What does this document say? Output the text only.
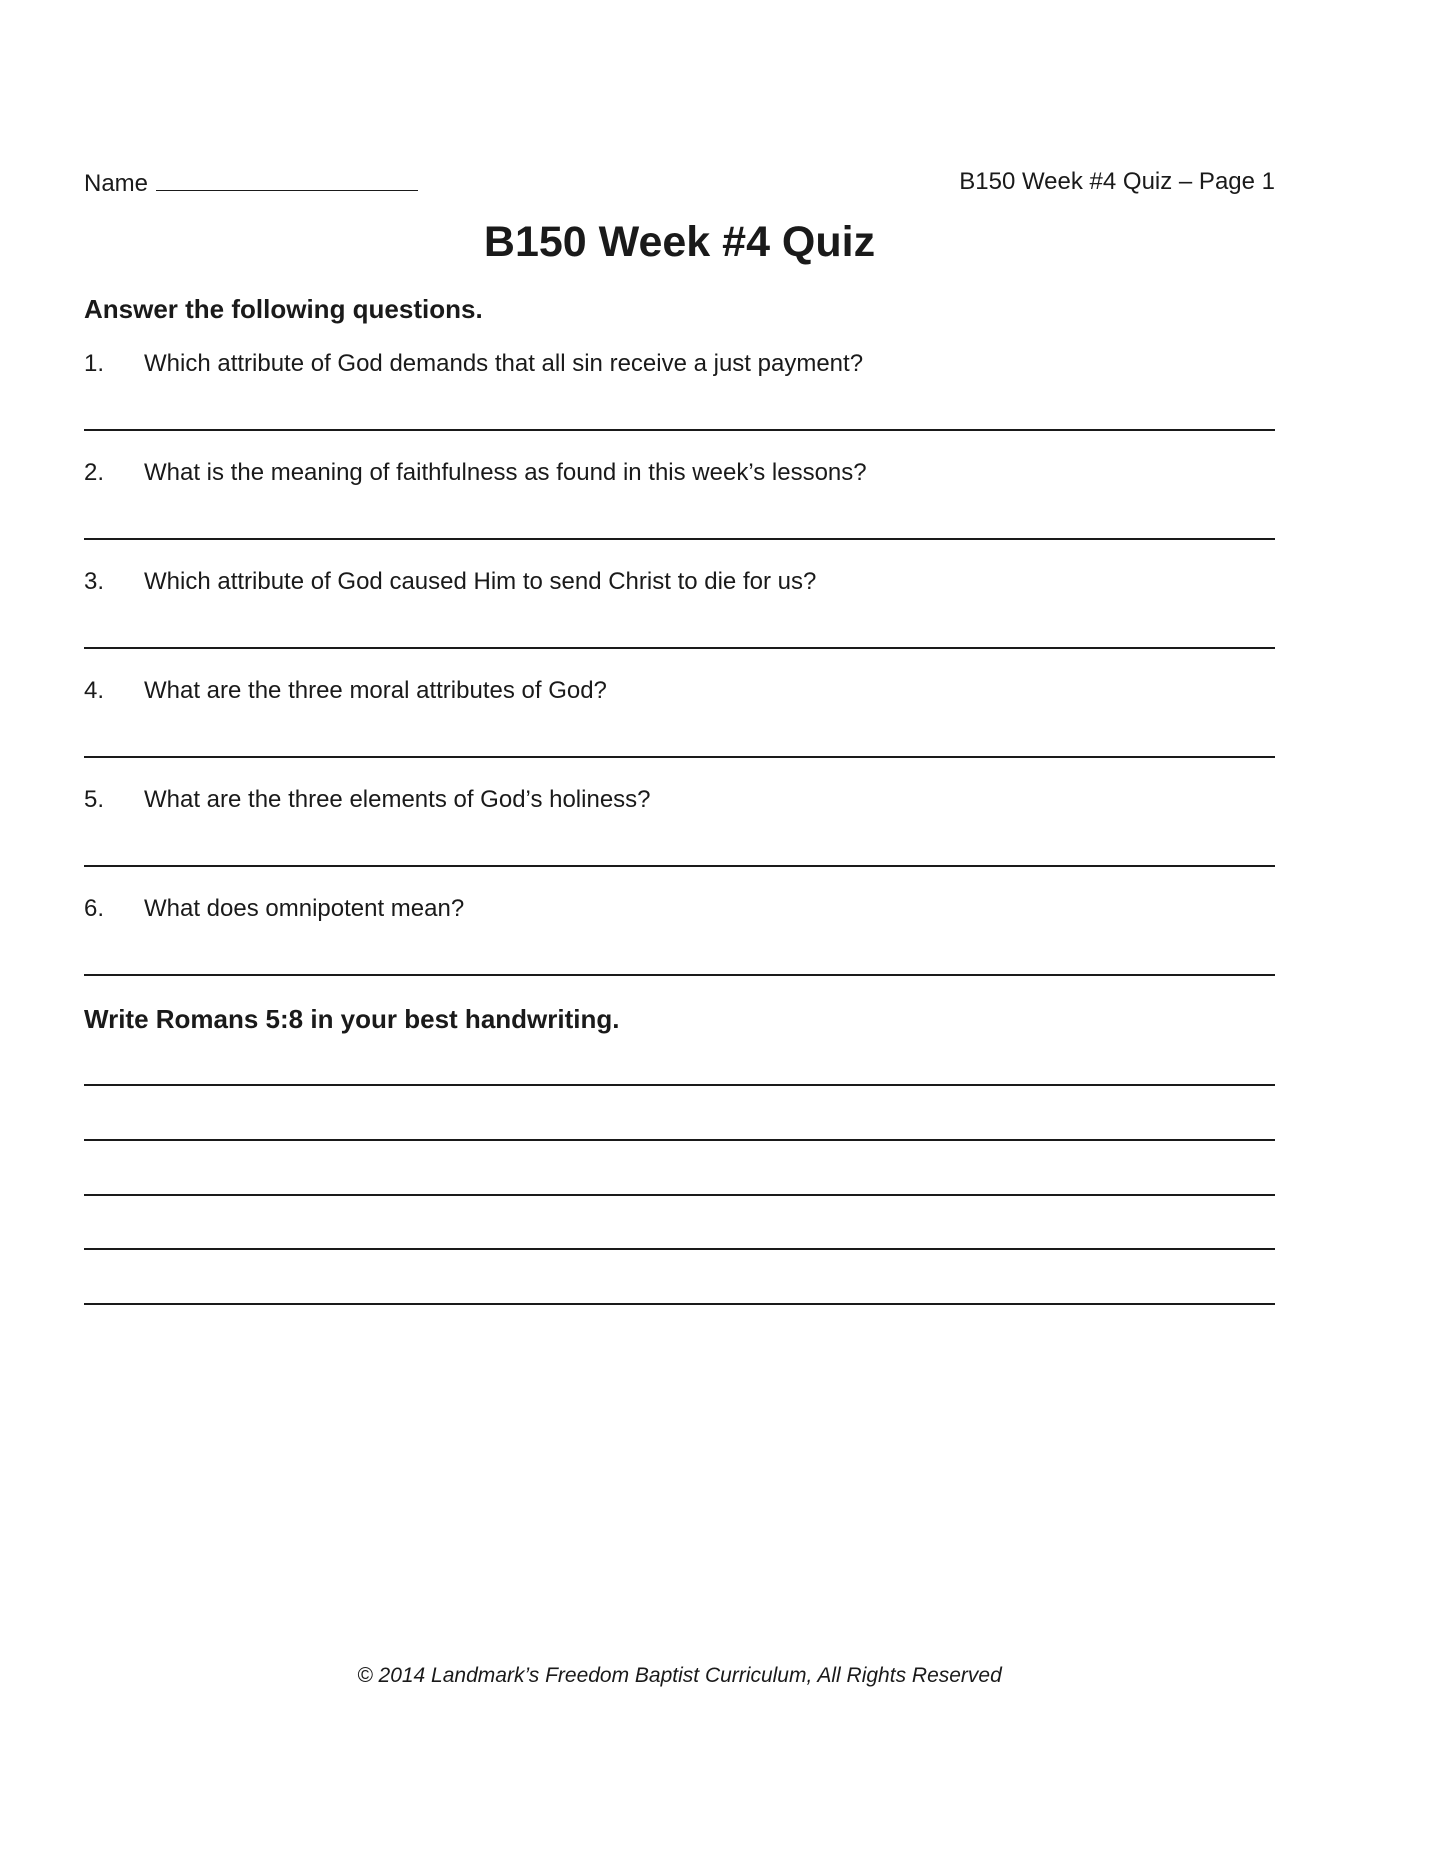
Name	B150 Week #4 Quiz – Page 1
B150 Week #4 Quiz
Answer the following questions.
1. Which attribute of God demands that all sin receive a just payment?
2. What is the meaning of faithfulness as found in this week’s lessons?
3. Which attribute of God caused Him to send Christ to die for us?
4. What are the three moral attributes of God?
5. What are the three elements of God’s holiness?
6. What does omnipotent mean?
Write Romans 5:8 in your best handwriting.
© 2014 Landmark’s Freedom Baptist Curriculum, All Rights Reserved
